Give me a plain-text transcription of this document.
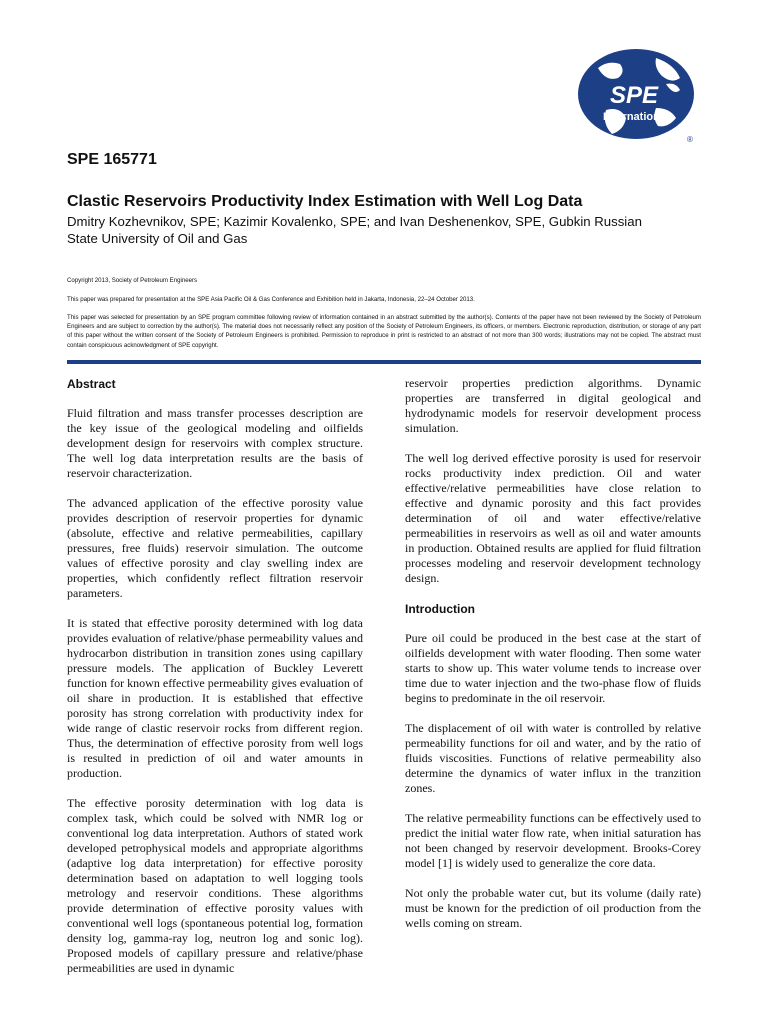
SPE
International
®
SPE 165771
Clastic Reservoirs Productivity Index Estimation with Well Log Data
Dmitry Kozhevnikov, SPE; Kazimir Kovalenko, SPE; and Ivan Deshenenkov, SPE, Gubkin Russian State University of Oil and Gas
Copyright 2013, Society of Petroleum Engineers
This paper was prepared for presentation at the SPE Asia Pacific Oil & Gas Conference and Exhibition held in Jakarta, Indonesia, 22–24 October 2013.
This paper was selected for presentation by an SPE program committee following review of information contained in an abstract submitted by the author(s). Contents of the paper have not been reviewed by the Society of Petroleum Engineers and are subject to correction by the author(s). The material does not necessarily reflect any position of the Society of Petroleum Engineers, its officers, or members. Electronic reproduction, distribution, or storage of any part of this paper without the written consent of the Society of Petroleum Engineers is prohibited. Permission to reproduce in print is restricted to an abstract of not more than 300 words; illustrations may not be copied. The abstract must contain conspicuous acknowledgment of SPE copyright.
Abstract

Fluid filtration and mass transfer processes description are the key issue of the geological modeling and oilfields development design for reservoirs with complex structure. The well log data interpretation results are the basis of reservoir characterization.

The advanced application of the effective porosity value provides description of reservoir properties for dynamic (absolute, effective and relative permeabilities, capillary pressures, free fluids) reservoir simulation. The outcome values of effective porosity and clay swelling index are properties, which confidently reflect filtration reservoir parameters.

It is stated that effective porosity determined with log data provides evaluation of relative/phase permeability values and hydrocarbon distribution in transition zones using capillary pressure models. The application of Buckley Leverett function for known effective permeability gives evaluation of oil share in production. It is established that effective porosity has strong correlation with productivity index for wide range of clastic reservoir rocks from different region. Thus, the determination of effective porosity from well logs is resulted in prediction of oil and water amounts in production.

The effective porosity determination with log data is complex task, which could be solved with NMR log or conventional log data interpretation. Authors of stated work developed petrophysical models and appropriate algorithms (adaptive log data interpretation) for effective porosity determination based on adaptation to well logging tools metrology and reservoir conditions. These algorithms provide determination of effective porosity values with conventional well logs (spontaneous potential log, formation density log, gamma-ray log, neutron log and sonic log). Proposed models of capillary pressure and relative/phase permeabilities are used in dynamic

reservoir properties prediction algorithms. Dynamic properties are transferred in digital geological and hydrodynamic models for reservoir development process simulation.

The well log derived effective porosity is used for reservoir rocks productivity index prediction. Oil and water effective/relative permeabilities have close relation to effective and dynamic porosity and this fact provides determination of oil and water effective/relative permeabilities in reservoirs as well as oil and water amounts in production. Obtained results are applied for fluid filtration processes modeling and reservoir development technology design.

Introduction

Pure oil could be produced in the best case at the start of oilfields development with water flooding. Then some water starts to show up. This water volume tends to increase over time due to water injection and the two-phase flow of fluids begins to predominate in the oil reservoir.

The displacement of oil with water is controlled by relative permeability functions for oil and water, and by the ratio of fluids viscosities. Functions of relative permeability also determine the dynamics of water influx in the tranzition zones.

The relative permeability functions can be effectively used to predict the initial water flow rate, when initial saturation has not been changed by reservoir development. Brooks-Corey model [1] is widely used to generalize the core data.

Not only the probable water cut, but its volume (daily rate) must be known for the prediction of oil production from the wells coming on stream.
